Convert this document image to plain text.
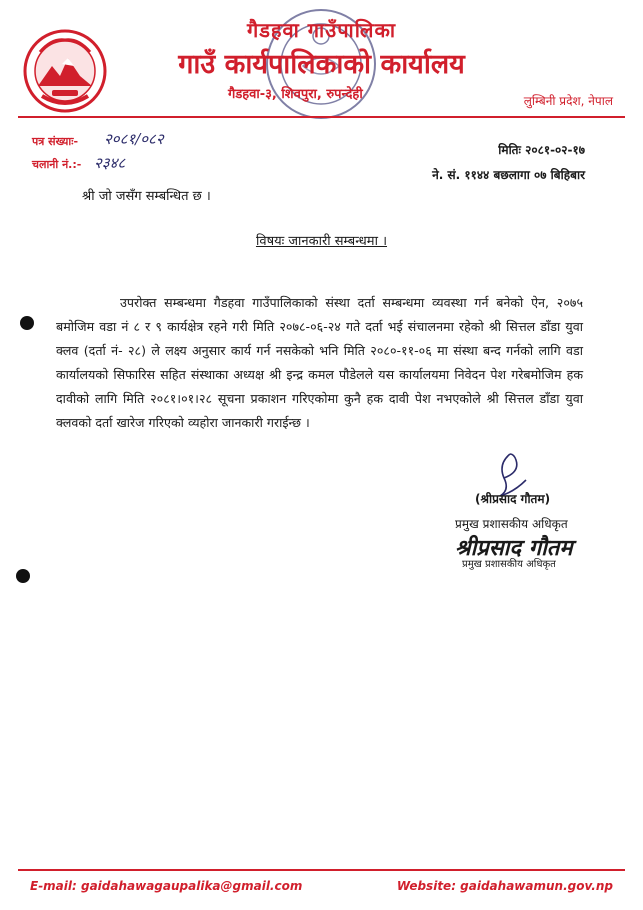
गैडहवा गाउँपालिका
गाउँ कार्यपालिकाको कार्यालय
गैडहवा-३, शिवपुरा, रुपन्देही	लुम्बिनी प्रदेश, नेपाल
पत्र संख्याः- २०८१/०८२
चलानी नं.:- २३४८
मितिः २०८१-०२-१७
ने. सं. ११४४ बछलागा ०७ बिहिबार
श्री जो जसँग सम्बन्धित छ ।
विषयः जानकारी सम्बन्धमा ।
उपरोक्त सम्बन्धमा गैडहवा गाउँपालिकाको संस्था दर्ता सम्बन्धमा व्यवस्था गर्न बनेको ऐन, २०७५ बमोजिम वडा नं ८ र ९ कार्यक्षेत्र रहने गरी मिति २०७८-०६-२४ गते दर्ता भई संचालनमा रहेको श्री सित्तल डाँडा युवा क्लव (दर्ता नं- २८) ले लक्ष्य अनुसार कार्य गर्न नसकेको भनि मिति २०८०-११-०६ मा संस्था बन्द गर्नको लागि वडा कार्यालयको सिफारिस सहित संस्थाका अध्यक्ष श्री इन्द्र कमल पौडेलले यस कार्यालयमा निवेदन पेश गरेबमोजिम हक दावीको लागि मिति २०८१।०१।२८ सूचना प्रकाशन गरिएकोमा कुनै हक दावी पेश नभएकोले श्री सित्तल डाँडा युवा क्लवको दर्ता खारेज गरिएको व्यहोरा जानकारी गराईन्छ ।
(श्रीप्रसाद गौतम)
प्रमुख प्रशासकीय अधिकृत
श्रीप्रसाद गौतम
प्रमुख प्रशासकीय अधिकृत
E-mail: gaidahawagaupalika@gmail.com	Website: gaidahawamun.gov.np
